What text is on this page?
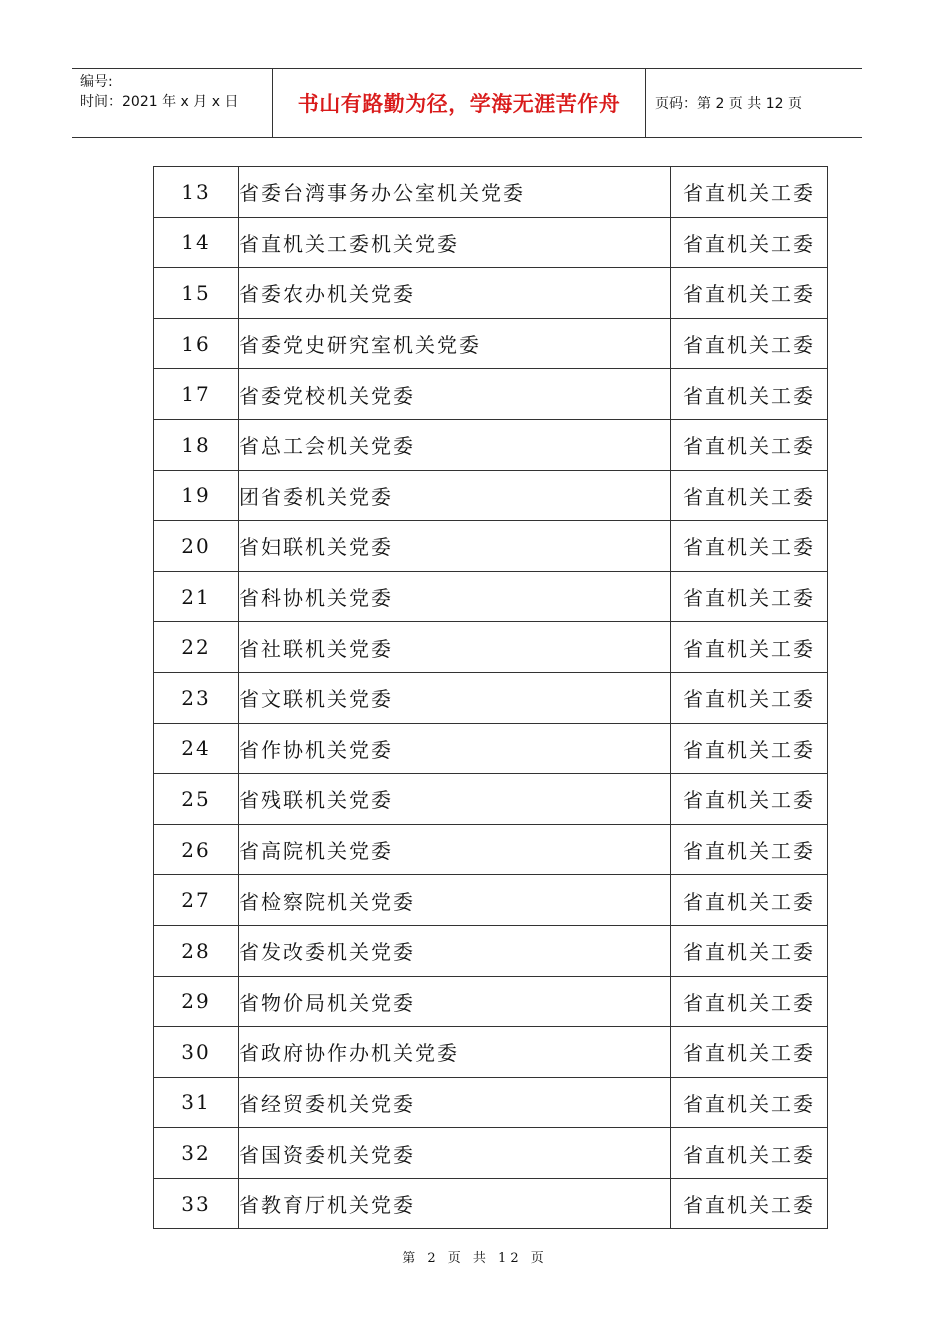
编号:
时间：2021 年 x 月 x 日	书山有路勤为径，学海无涯苦作舟	页码：第 2 页 共 12 页
13	省委台湾事务办公室机关党委	省直机关工委
14	省直机关工委机关党委	省直机关工委
15	省委农办机关党委	省直机关工委
16	省委党史研究室机关党委	省直机关工委
17	省委党校机关党委	省直机关工委
18	省总工会机关党委	省直机关工委
19	团省委机关党委	省直机关工委
20	省妇联机关党委	省直机关工委
21	省科协机关党委	省直机关工委
22	省社联机关党委	省直机关工委
23	省文联机关党委	省直机关工委
24	省作协机关党委	省直机关工委
25	省残联机关党委	省直机关工委
26	省高院机关党委	省直机关工委
27	省检察院机关党委	省直机关工委
28	省发改委机关党委	省直机关工委
29	省物价局机关党委	省直机关工委
30	省政府协作办机关党委	省直机关工委
31	省经贸委机关党委	省直机关工委
32	省国资委机关党委	省直机关工委
33	省教育厅机关党委	省直机关工委
第 2 页 共 12 页
